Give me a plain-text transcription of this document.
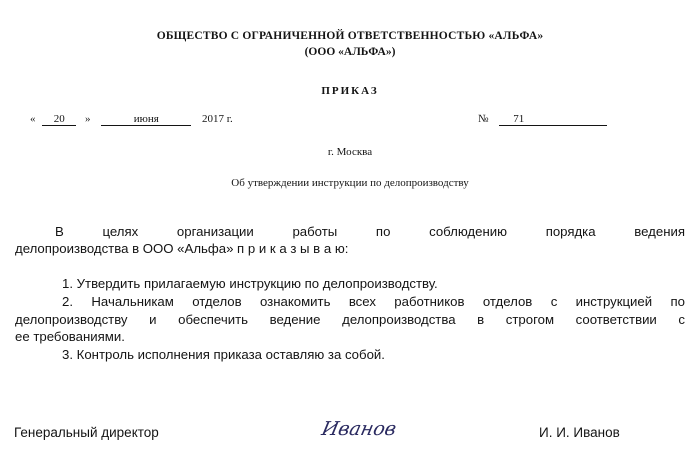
ОБЩЕСТВО С ОГРАНИЧЕННОЙ ОТВЕТСТВЕННОСТЬЮ «АЛЬФА»
(ООО «АЛЬФА»)
ПРИКАЗ
« 20 »	июня	2017 г.	№ 71
г. Москва
Об утверждении инструкции по делопроизводству
В	целях	организации	работы	по	соблюдению	порядка	ведения
делопроизводства в ООО «Альфа» п р и к а з ы в а ю:
1. Утвердить прилагаемую инструкцию по делопроизводству.
2. Начальникам отделов ознакомить всех работников отделов с инструкцией по
делопроизводству и обеспечить ведение делопроизводства в строгом соответствии с
ее требованиями.
3. Контроль исполнения приказа оставляю за собой.
Генеральный директор	Иванов	И. И. Иванов
